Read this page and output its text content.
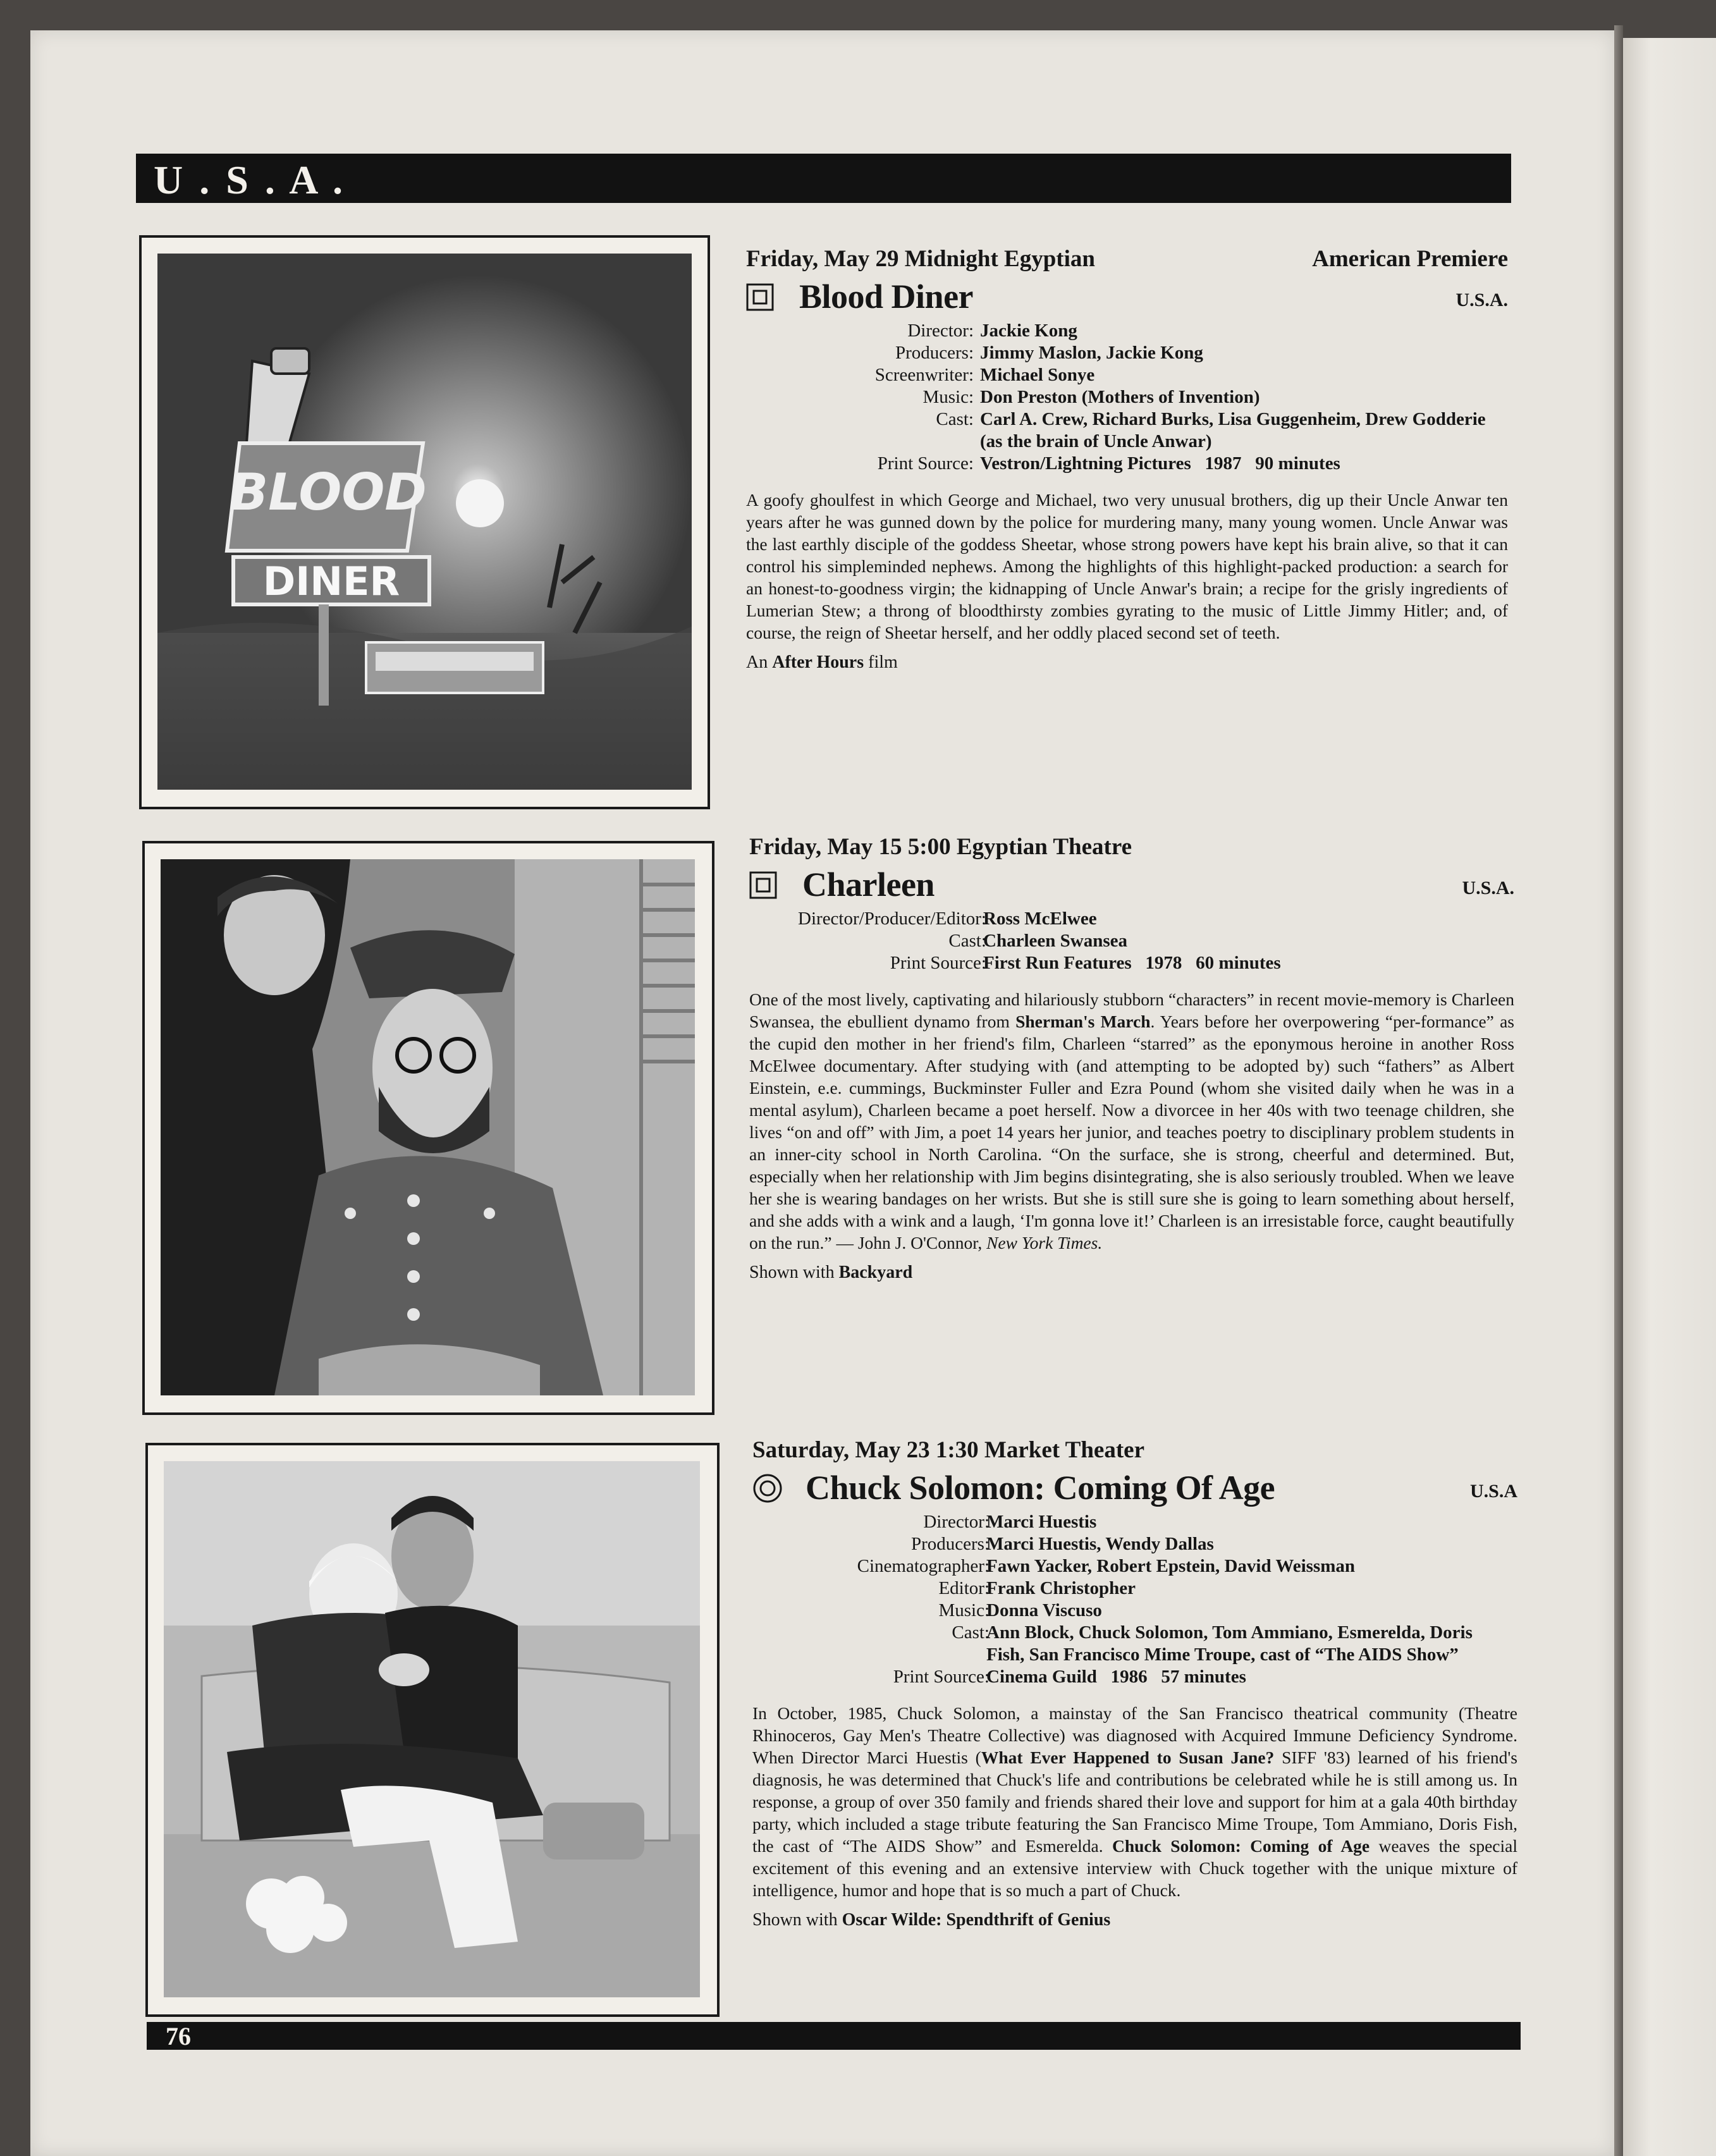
U . S . A .
BLOOD
DINER
Friday, May 29 Midnight Egyptian	American Premiere
Blood Diner	U.S.A.
Director: Jackie Kong
Producers: Jimmy Maslon, Jackie Kong
Screenwriter: Michael Sonye
Music: Don Preston (Mothers of Invention)
Cast: Carl A. Crew, Richard Burks, Lisa Guggenheim, Drew Godderie
(as the brain of Uncle Anwar)
Print Source: Vestron/Lightning Pictures   1987   90 minutes
A goofy ghoulfest in which George and Michael, two very unusual brothers, dig up their Uncle Anwar ten years after he was gunned down by the police for murdering many, many young women. Uncle Anwar was the last earthly disciple of the goddess Sheetar, whose strong powers have kept his brain alive, so that it can control his simpleminded nephews. Among the highlights of this highlight-packed production: a search for an honest-to-goodness virgin; the kidnapping of Uncle Anwar's brain; a recipe for the grisly ingredients of Lumerian Stew; a throng of bloodthirsty zombies gyrating to the music of Little Jimmy Hitler; and, of course, the reign of Sheetar herself, and her oddly placed second set of teeth.
An After Hours film
Friday, May 15 5:00 Egyptian Theatre
Charleen	U.S.A.
Director/Producer/Editor:
Ross McElwee
Cast:
Charleen Swansea
Print Source:
First Run Features   1978   60 minutes
One of the most lively, captivating and hilariously stubborn “characters” in recent movie-memory is Charleen Swansea, the ebullient dynamo from Sherman's March. Years before her overpowering “per-formance” as the cupid den mother in her friend's film, Charleen “starred” as the eponymous heroine in another Ross McElwee documentary. After studying with (and attempting to be adopted by) such “fathers” as Albert Einstein, e.e. cummings, Buckminster Fuller and Ezra Pound (whom she visited daily when he was in a mental asylum), Charleen became a poet herself. Now a divorcee in her 40s with two teenage children, she lives “on and off” with Jim, a poet 14 years her junior, and teaches poetry to disciplinary problem students in an inner-city school in North Carolina. “On the surface, she is strong, cheerful and determined. But, especially when her relationship with Jim begins disintegrating, she is also seriously troubled. When we leave her she is wearing bandages on her wrists. But she is still sure she is going to learn something about herself, and she adds with a wink and a laugh, ‘I'm gonna love it!’ Charleen is an irresistable force, caught beautifully on the run.” — John J. O'Connor, New York Times.
Shown with Backyard
Saturday, May 23 1:30 Market Theater
Chuck Solomon: Coming Of Age	U.S.A
Director:
Marci Huestis
Producers:
Marci Huestis, Wendy Dallas
Cinematographer:
Fawn Yacker, Robert Epstein, David Weissman
Editor:
Frank Christopher
Music:
Donna Viscuso
Cast:
Ann Block, Chuck Solomon, Tom Ammiano, Esmerelda, Doris
Fish, San Francisco Mime Troupe, cast of “The AIDS Show”
Print Source:
Cinema Guild   1986   57 minutes
In October, 1985, Chuck Solomon, a mainstay of the San Francisco theatrical community (Theatre Rhinoceros, Gay Men's Theatre Collective) was diagnosed with Acquired Immune Deficiency Syndrome. When Director Marci Huestis (What Ever Happened to Susan Jane? SIFF '83) learned of his friend's diagnosis, he was determined that Chuck's life and contributions be celebrated while he is still among us. In response, a group of over 350 family and friends shared their love and support for him at a gala 40th birthday party, which included a stage tribute featuring the San Francisco Mime Troupe, Tom Ammiano, Doris Fish, the cast of “The AIDS Show” and Esmerelda. Chuck Solomon: Coming of Age weaves the special excitement of this evening and an extensive interview with Chuck together with the unique mixture of intelligence, humor and hope that is so much a part of Chuck.
Shown with Oscar Wilde: Spendthrift of Genius
76
